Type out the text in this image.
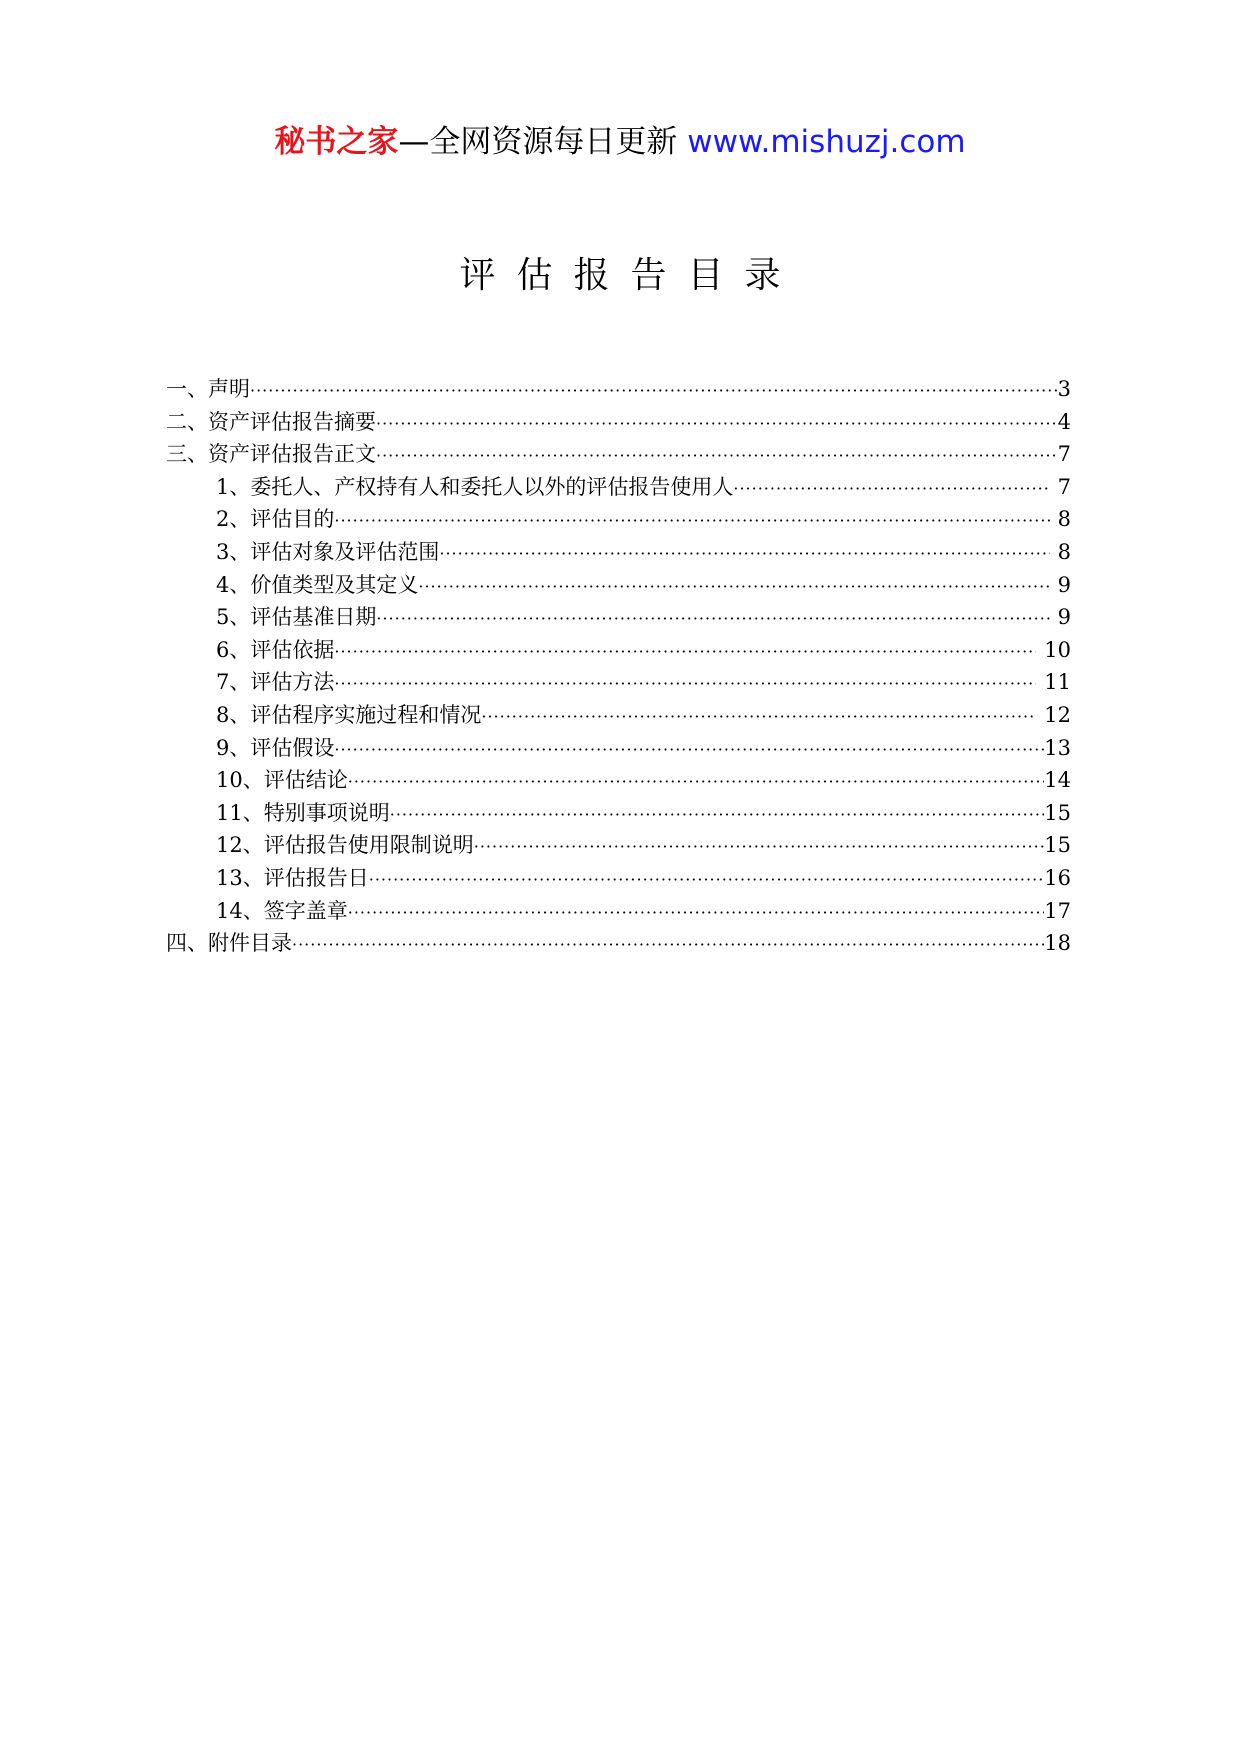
秘书之家—全网资源每日更新 www.mishuzj.com
评估报告目录
一、声明 ·····	3
二、资产评估报告摘要 ·····	4
三、资产评估报告正文 ·····	7
1、委托人、产权持有人和委托人以外的评估报告使用人 ·····	7
2、评估目的 ·····	8
3、评估对象及评估范围 ·····	8
4、价值类型及其定义 ·····	9
5、评估基准日期 ·····	9
6、评估依据 ·····	10
7、评估方法 ·····	11
8、评估程序实施过程和情况 ·····	12
9、评估假设 ·····	13
10、评估结论 ·····	14
11、特别事项说明 ·····	15
12、评估报告使用限制说明 ·····	15
13、评估报告日 ·····	16
14、签字盖章 ·····	17
四、附件目录 ·····	18
